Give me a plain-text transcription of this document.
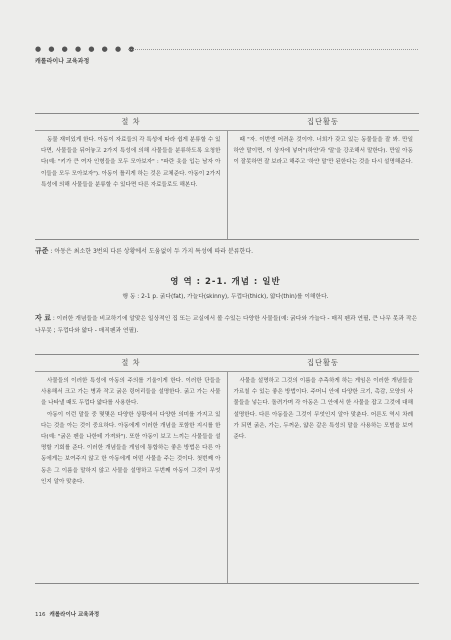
● ● ● ● ● ● ● ●
캐롤라이나 교육과정
절 차	집단활동

동물 재미있게 한다. 아동이 자료들의 각 특성에 따라 쉽게 분류할 수 있다면, 사물들을 뒤어놓고 2가지 특성에 의해 사물들을 분류하도록 요청한다(예: "키가 큰 여자 인형들을 모두 모아보자" : "파란 옷을 입는 남자 아이들을 모두 모아보자"). 아동이 틀리게 하는 것은 교체준다. 아동이 2가지 특성에 의해 사물들을 분류할 수 있다면 다른 자료들로도 해본다.

때 "자. 이번엔 어려운 것이야. 너희가 갖고 있는 동물들을 잘 봐. 만일 하얀 말이면, 이 상자에 넣어"(하얀'과 '말'을 강조해서 말한다). 만일 아동이 잘못하면 잘 보라고 해주고 '하얀 말'만 된한다는 것을 다시 설명해준다.

규준 : 아동은 최소한 3번의 다른 상황에서 도움없이 두 가지 특성에 따라 분류한다.
영 역 : 2-1. 개념 : 일반
행 동 : 2-1 p. 굵다(fat), 가늘다(skinny), 두껍다(thick), 얇다(thin)를 이해한다.
자 료 : 이러한 개념들을 비교하기에 알맞은 일상적인 집 또는 교실에서 볼 수있는 다양한 사물들(예: 굵다와 가늘다 - 매직 펜과 연필, 큰 나무 못과 작은 나무못 ; 두껍다와 얇다 - 매직펜과 연필).
절 차	집단활동

사물들의 이러한 특성에 아동의 주의를 기울이게 한다. 이러한 단들을 사용해서 크고 가는 병과 작고 굵은 링어리들을 설명한다. 굵고 가는 사물을 나타낼 때도 두껍다 얇다를 사용한다.

아동이 이런 말들 중 몇몇은 다양한 상황에서 다양한 의미를 가지고 있다는 것을 아는 것이 중요하다. 아동에게 이러한 개념을 포함한 지시를 한다(예: "굵은 펜을 나한테 가져와"). 또한 아동이 보고 느끼는 사물들을 설명할 기회를 준다. 이러한 개념들을 게임에 통합하는 좋은 방법은 다른 아동에게는 보여주지 않고 한 아동에게 어떤 사물을 주는 것이다. 첫번째 아동은 그 이름을 말하지 않고 사물을 설명하고 두번째 아동이 그것이 무엇인지 알아 맞춘다.

사물을 설명하고 그것의 이름을 추측하게 하는 게임은 이러한 개념들을 가르칠 수 있는 좋은 방법이다. 주머니 안에 다양한 크기, 촉감, 모양의 사물들을 넣는다. 돌려가며 각 아동은 그 안에서 한 사물을 잡고 그것에 대해 설명한다. 다른 아동들은 그것이 무엇인지 알아 맞춘다. 어른도 역시 차례가 되면 굵은, 가는, 두꺼운, 얇은 같은 특성의 말을 사용하는 모범을 보여준다.

116 캐롤라이나 교육과정
